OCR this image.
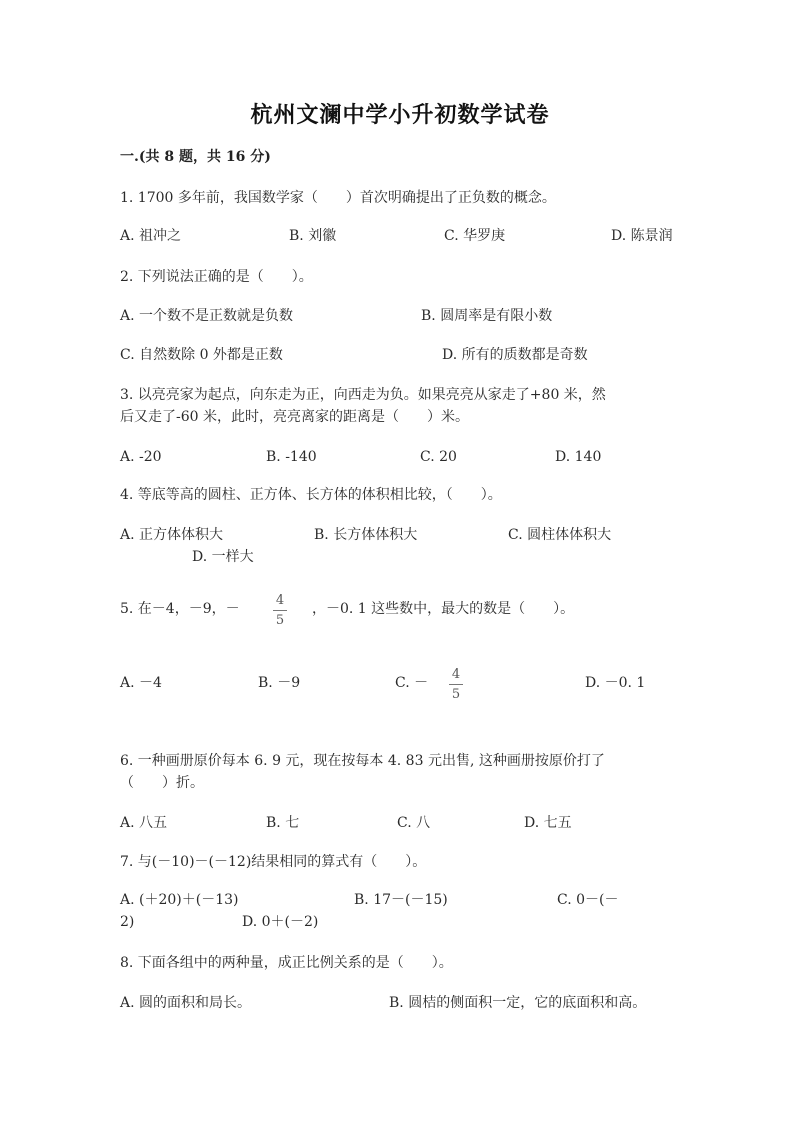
杭州文澜中学小升初数学试卷
一.(共 8 题，共 16 分)
1. 1700 多年前，我国数学家（　　）首次明确提出了正负数的概念。
A. 祖冲之	B. 刘徽	C. 华罗庚	D. 陈景润
2. 下列说法正确的是（　　）。
A. 一个数不是正数就是负数	B. 圆周率是有限小数
C. 自然数除 0 外都是正数	D. 所有的质数都是奇数
3. 以亮亮家为起点，向东走为正，向西走为负。如果亮亮从家走了+80 米，然
后又走了-60 米，此时，亮亮离家的距离是（　　）米。
A. -20	B. -140	C. 20	D. 140
4. 等底等高的圆柱、正方体、长方体的体积相比较，（　　）。
A. 正方体体积大	B. 长方体体积大	C. 圆柱体体积大
D. 一样大
5. 在－4，－9，－
4
5
，－0. 1 这些数中，最大的数是（　　）。
A. －4	B. －9	C. －
4
5
D. －0. 1
6. 一种画册原价每本 6. 9 元，现在按每本 4. 83 元出售, 这种画册按原价打了
（　　）折。
A. 八五	B. 七	C. 八	D. 七五
7. 与(－10)－(－12)结果相同的算式有（　　）。
A. (＋20)＋(－13)	B. 17－(－15)	C. 0－(－
2)	D. 0＋(－2)
8. 下面各组中的两种量，成正比例关系的是（　　）。
A. 圆的面积和局长。	B. 圆桔的侧面积一定，它的底面积和高。
